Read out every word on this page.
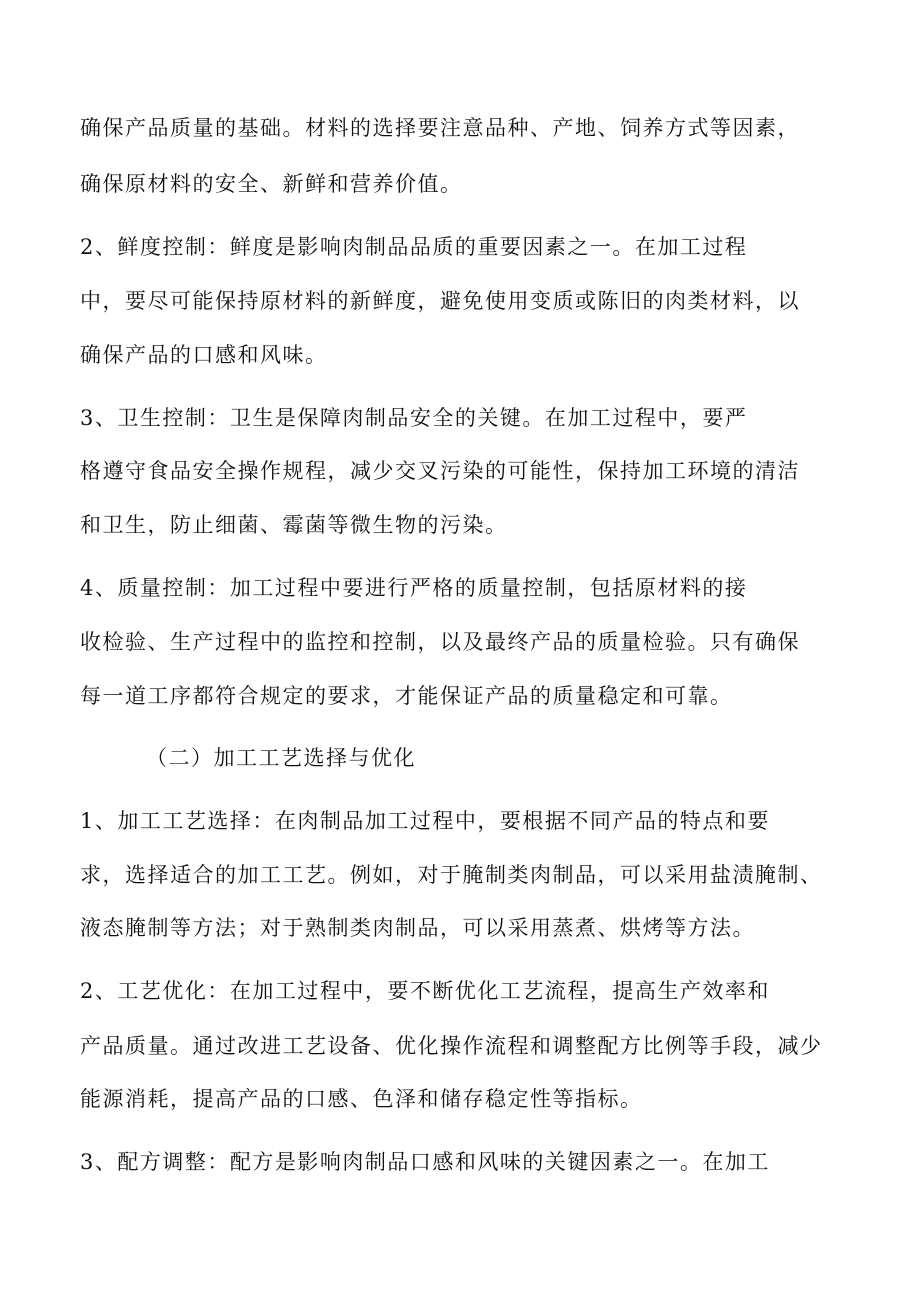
确保产品质量的基础。材料的选择要注意品种、产地、饲养方式等因素，
确保原材料的安全、新鲜和营养价值。
2、鲜度控制：鲜度是影响肉制品品质的重要因素之一。在加工过程
中，要尽可能保持原材料的新鲜度，避免使用变质或陈旧的肉类材料，以
确保产品的口感和风味。
3、卫生控制：卫生是保障肉制品安全的关键。在加工过程中，要严
格遵守食品安全操作规程，减少交叉污染的可能性，保持加工环境的清洁
和卫生，防止细菌、霉菌等微生物的污染。
4、质量控制：加工过程中要进行严格的质量控制，包括原材料的接
收检验、生产过程中的监控和控制，以及最终产品的质量检验。只有确保
每一道工序都符合规定的要求，才能保证产品的质量稳定和可靠。
（二）加工工艺选择与优化
1、加工工艺选择：在肉制品加工过程中，要根据不同产品的特点和要
求，选择适合的加工工艺。例如，对于腌制类肉制品，可以采用盐渍腌制、
液态腌制等方法；对于熟制类肉制品，可以采用蒸煮、烘烤等方法。
2、工艺优化：在加工过程中，要不断优化工艺流程，提高生产效率和
产品质量。通过改进工艺设备、优化操作流程和调整配方比例等手段，减少
能源消耗，提高产品的口感、色泽和储存稳定性等指标。
3、配方调整：配方是影响肉制品口感和风味的关键因素之一。在加工
